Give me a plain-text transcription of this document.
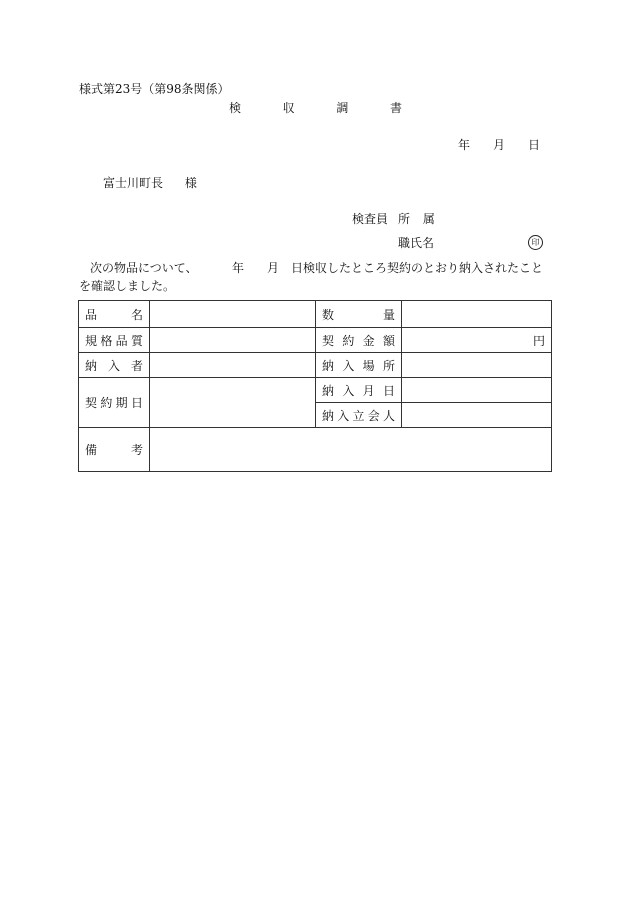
様式第23号（第98条関係）
検	収	調	書
年 月 日
富士川町長 様
検査員 所 属
職氏名	印
次の物品について、	年 月 日検収したところ契約のとおり納入されたこと
を確認しました。
品 名		数 量	

規 格 品 質		契 約 金 額	円

納 入 者		納 入 場 所	

契 約 期 日		納 入 月 日	

		納 入 立 会 人	

備 考			
